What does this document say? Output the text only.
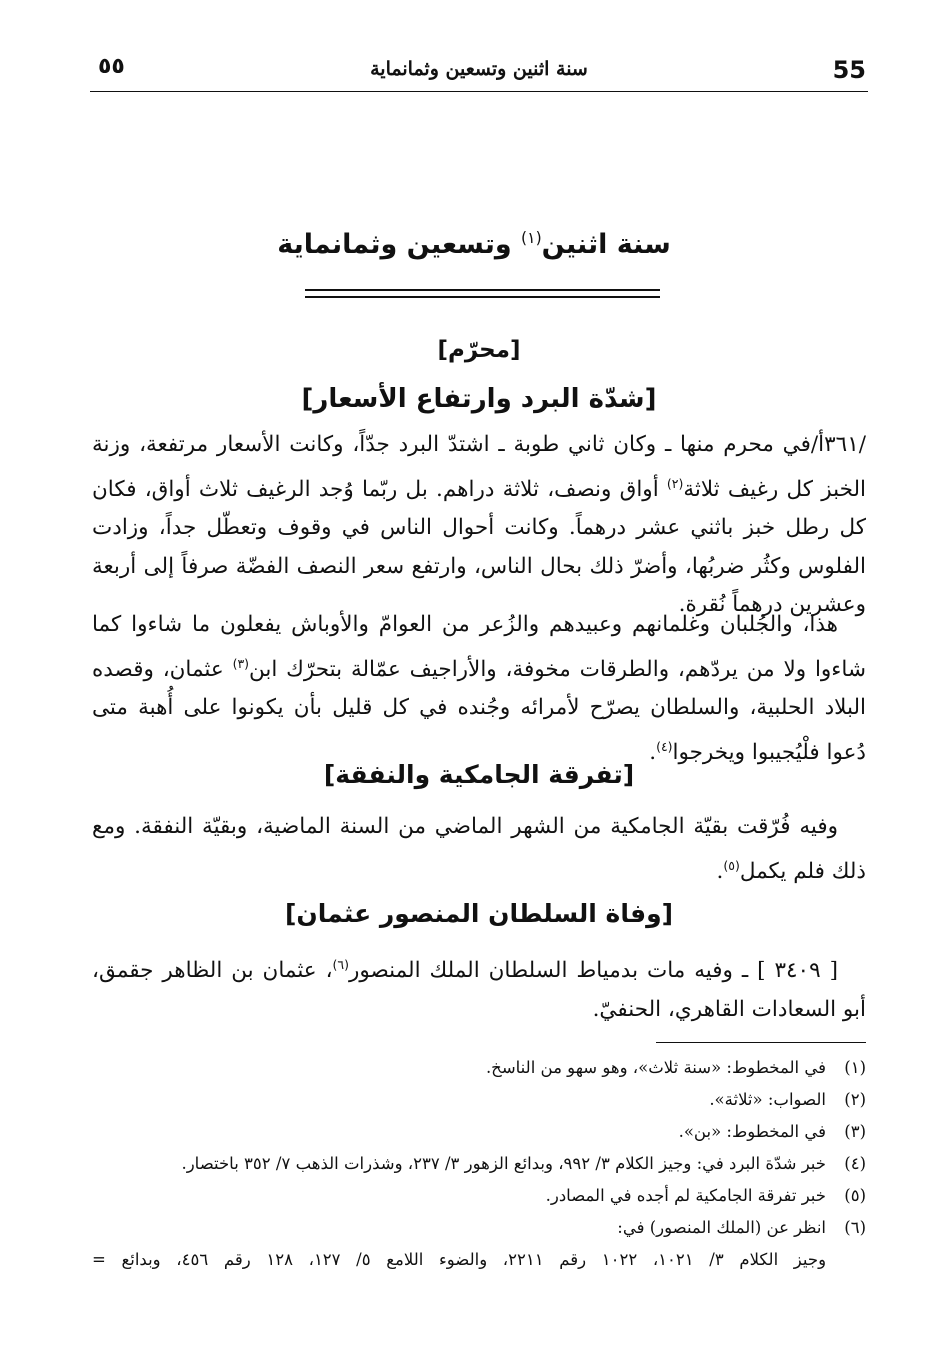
55
سنة اثنين وتسعين وثمانماية
٥٥
سنة اثنين$^{(١)}$ وتسعين وثمانماية
[محرّم]
[شدّة البرد وارتفاع الأسعار]

/٣٦١أ/في محرم منها ـ وكان ثاني طوبة ـ اشتدّ البرد جدّاً، وكانت الأسعار مرتفعة، وزنة الخبز كل رغيف ثلاثة$^{(٢)}$ أواق ونصف، ثلاثة دراهم. بل ربّما وُجد الرغيف ثلاث أواق، فكان كل رطل خبز باثني عشر درهماً. وكانت أحوال الناس في وقوف وتعطّل جداً، وزادت الفلوس وكثُر ضربُها، وأضرّ ذلك بحال الناس، وارتفع سعر النصف الفضّة صرفاً إلى أربعة وعشرين درهماً نُقرة.

هذا، والجُلبان وغلمانهم وعبيدهم والزُعر من العوامّ والأوباش يفعلون ما شاءوا كما شاءوا ولا من يردّهم، والطرقات مخوفة، والأراجيف عمّالة بتحرّك ابن$^{(٣)}$ عثمان، وقصده البلاد الحلبية، والسلطان يصرّح لأمرائه وجُنده في كل قليل بأن يكونوا على أُهبة متى دُعوا فلْيُجيبوا ويخرجوا$^{(٤)}$.

[تفرقة الجامكية والنفقة]

وفيه فُرّقت بقيّة الجامكية من الشهر الماضي من السنة الماضية، وبقيّة النفقة. ومع ذلك فلم يكمل$^{(٥)}$.

[وفاة السلطان المنصور عثمان]

[ ٣٤٠٩ ] ـ وفيه مات بدمياط السلطان الملك المنصور$^{(٦)}$، عثمان بن الظاهر جقمق، أبو السعادات القاهري، الحنفيّ.

(١)
في المخطوط: «سنة ثلاث»، وهو سهو من الناسخ.
(٢)
الصواب: «ثلاثة».
(٣)
في المخطوط: «بن».
(٤)
خبر شدّة البرد في: وجيز الكلام ٣/ ٩٩٢، وبدائع الزهور ٣/ ٢٣٧، وشذرات الذهب ٧/ ٣٥٢ باختصار.
(٥)
خبر تفرقة الجامكية لم أجده في المصادر.
(٦)
انظر عن (الملك المنصور) في:
وجيز الكلام ٣/ ١٠٢١، ١٠٢٢ رقم ٢٢١١، والضوء اللامع ٥/ ١٢٧، ١٢٨ رقم ٤٥٦، وبدائع =
